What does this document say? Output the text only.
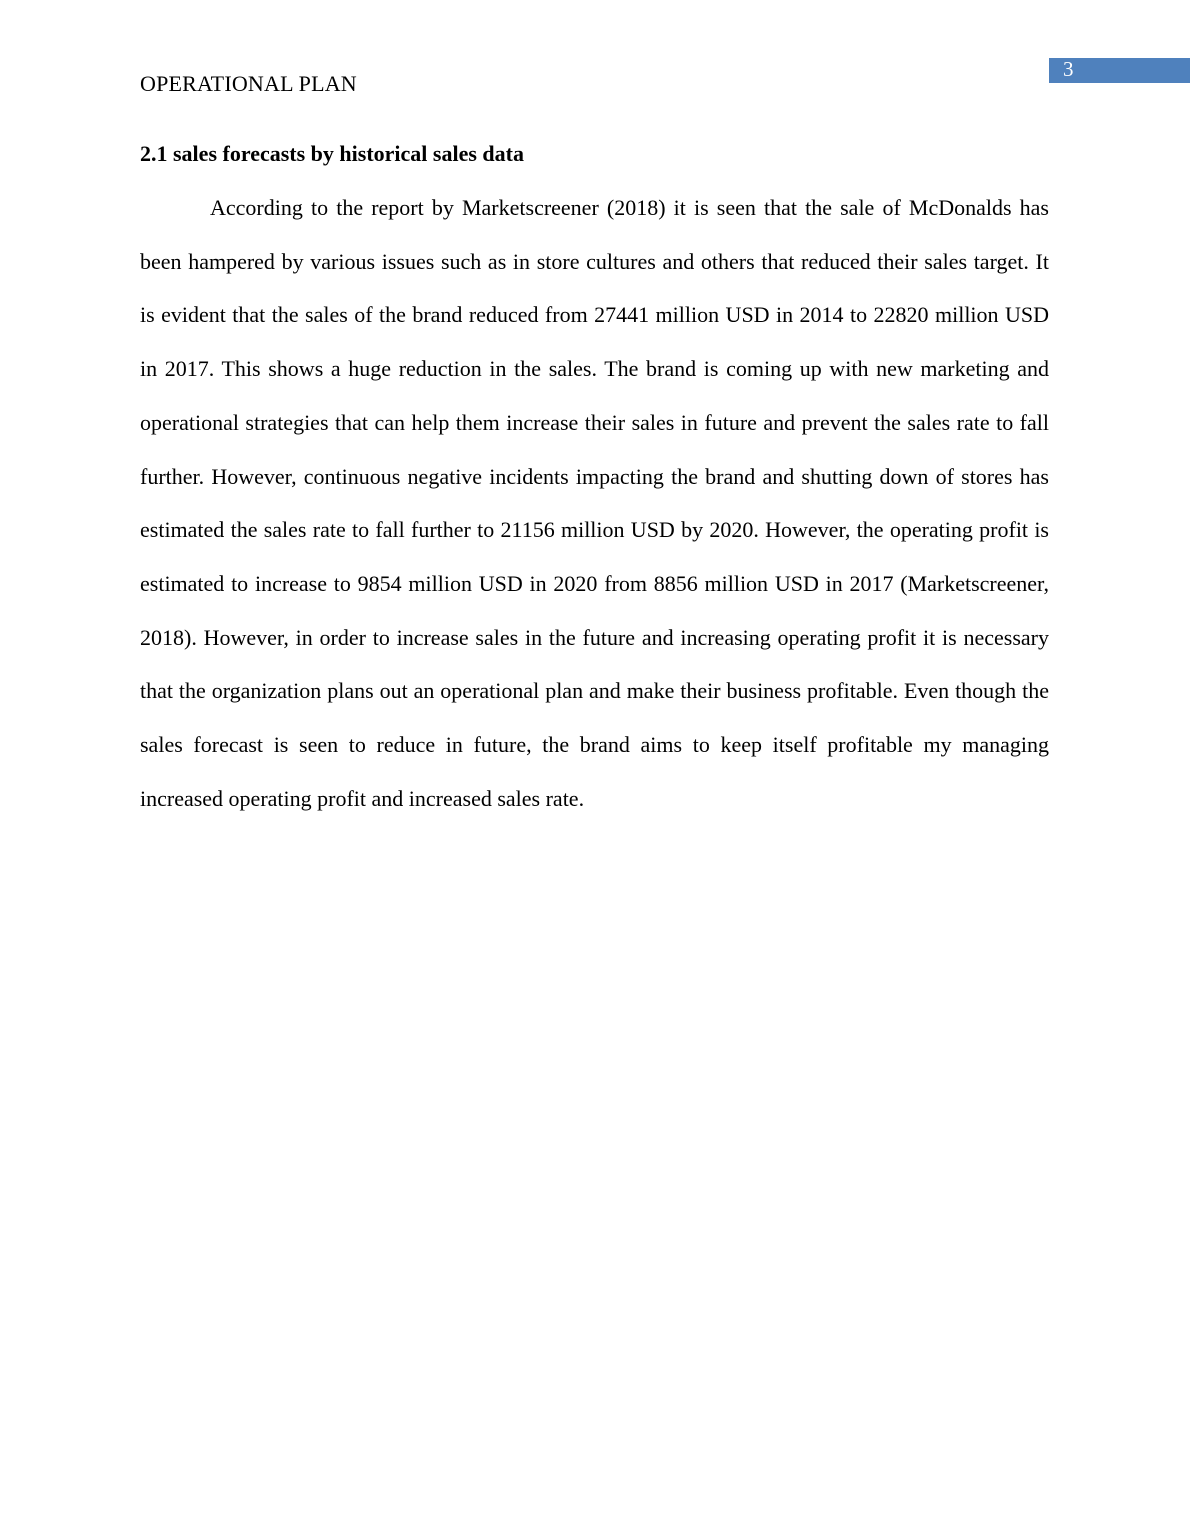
3
OPERATIONAL PLAN
2.1 sales forecasts by historical sales data

According to the report by Marketscreener (2018) it is seen that the sale of McDonalds has been hampered by various issues such as in store cultures and others that reduced their sales target. It is evident that the sales of the brand reduced from 27441 million USD in 2014 to 22820 million USD in 2017. This shows a huge reduction in the sales. The brand is coming up with new marketing and operational strategies that can help them increase their sales in future and prevent the sales rate to fall further. However, continuous negative incidents impacting the brand and shutting down of stores has estimated the sales rate to fall further to 21156 million USD by 2020. However, the operating profit is estimated to increase to 9854 million USD in 2020 from 8856 million USD in 2017 (Marketscreener, 2018). However, in order to increase sales in the future and increasing operating profit it is necessary that the organization plans out an operational plan and make their business profitable. Even though the sales forecast is seen to reduce in future, the brand aims to keep itself profitable my managing increased operating profit and increased sales rate.
